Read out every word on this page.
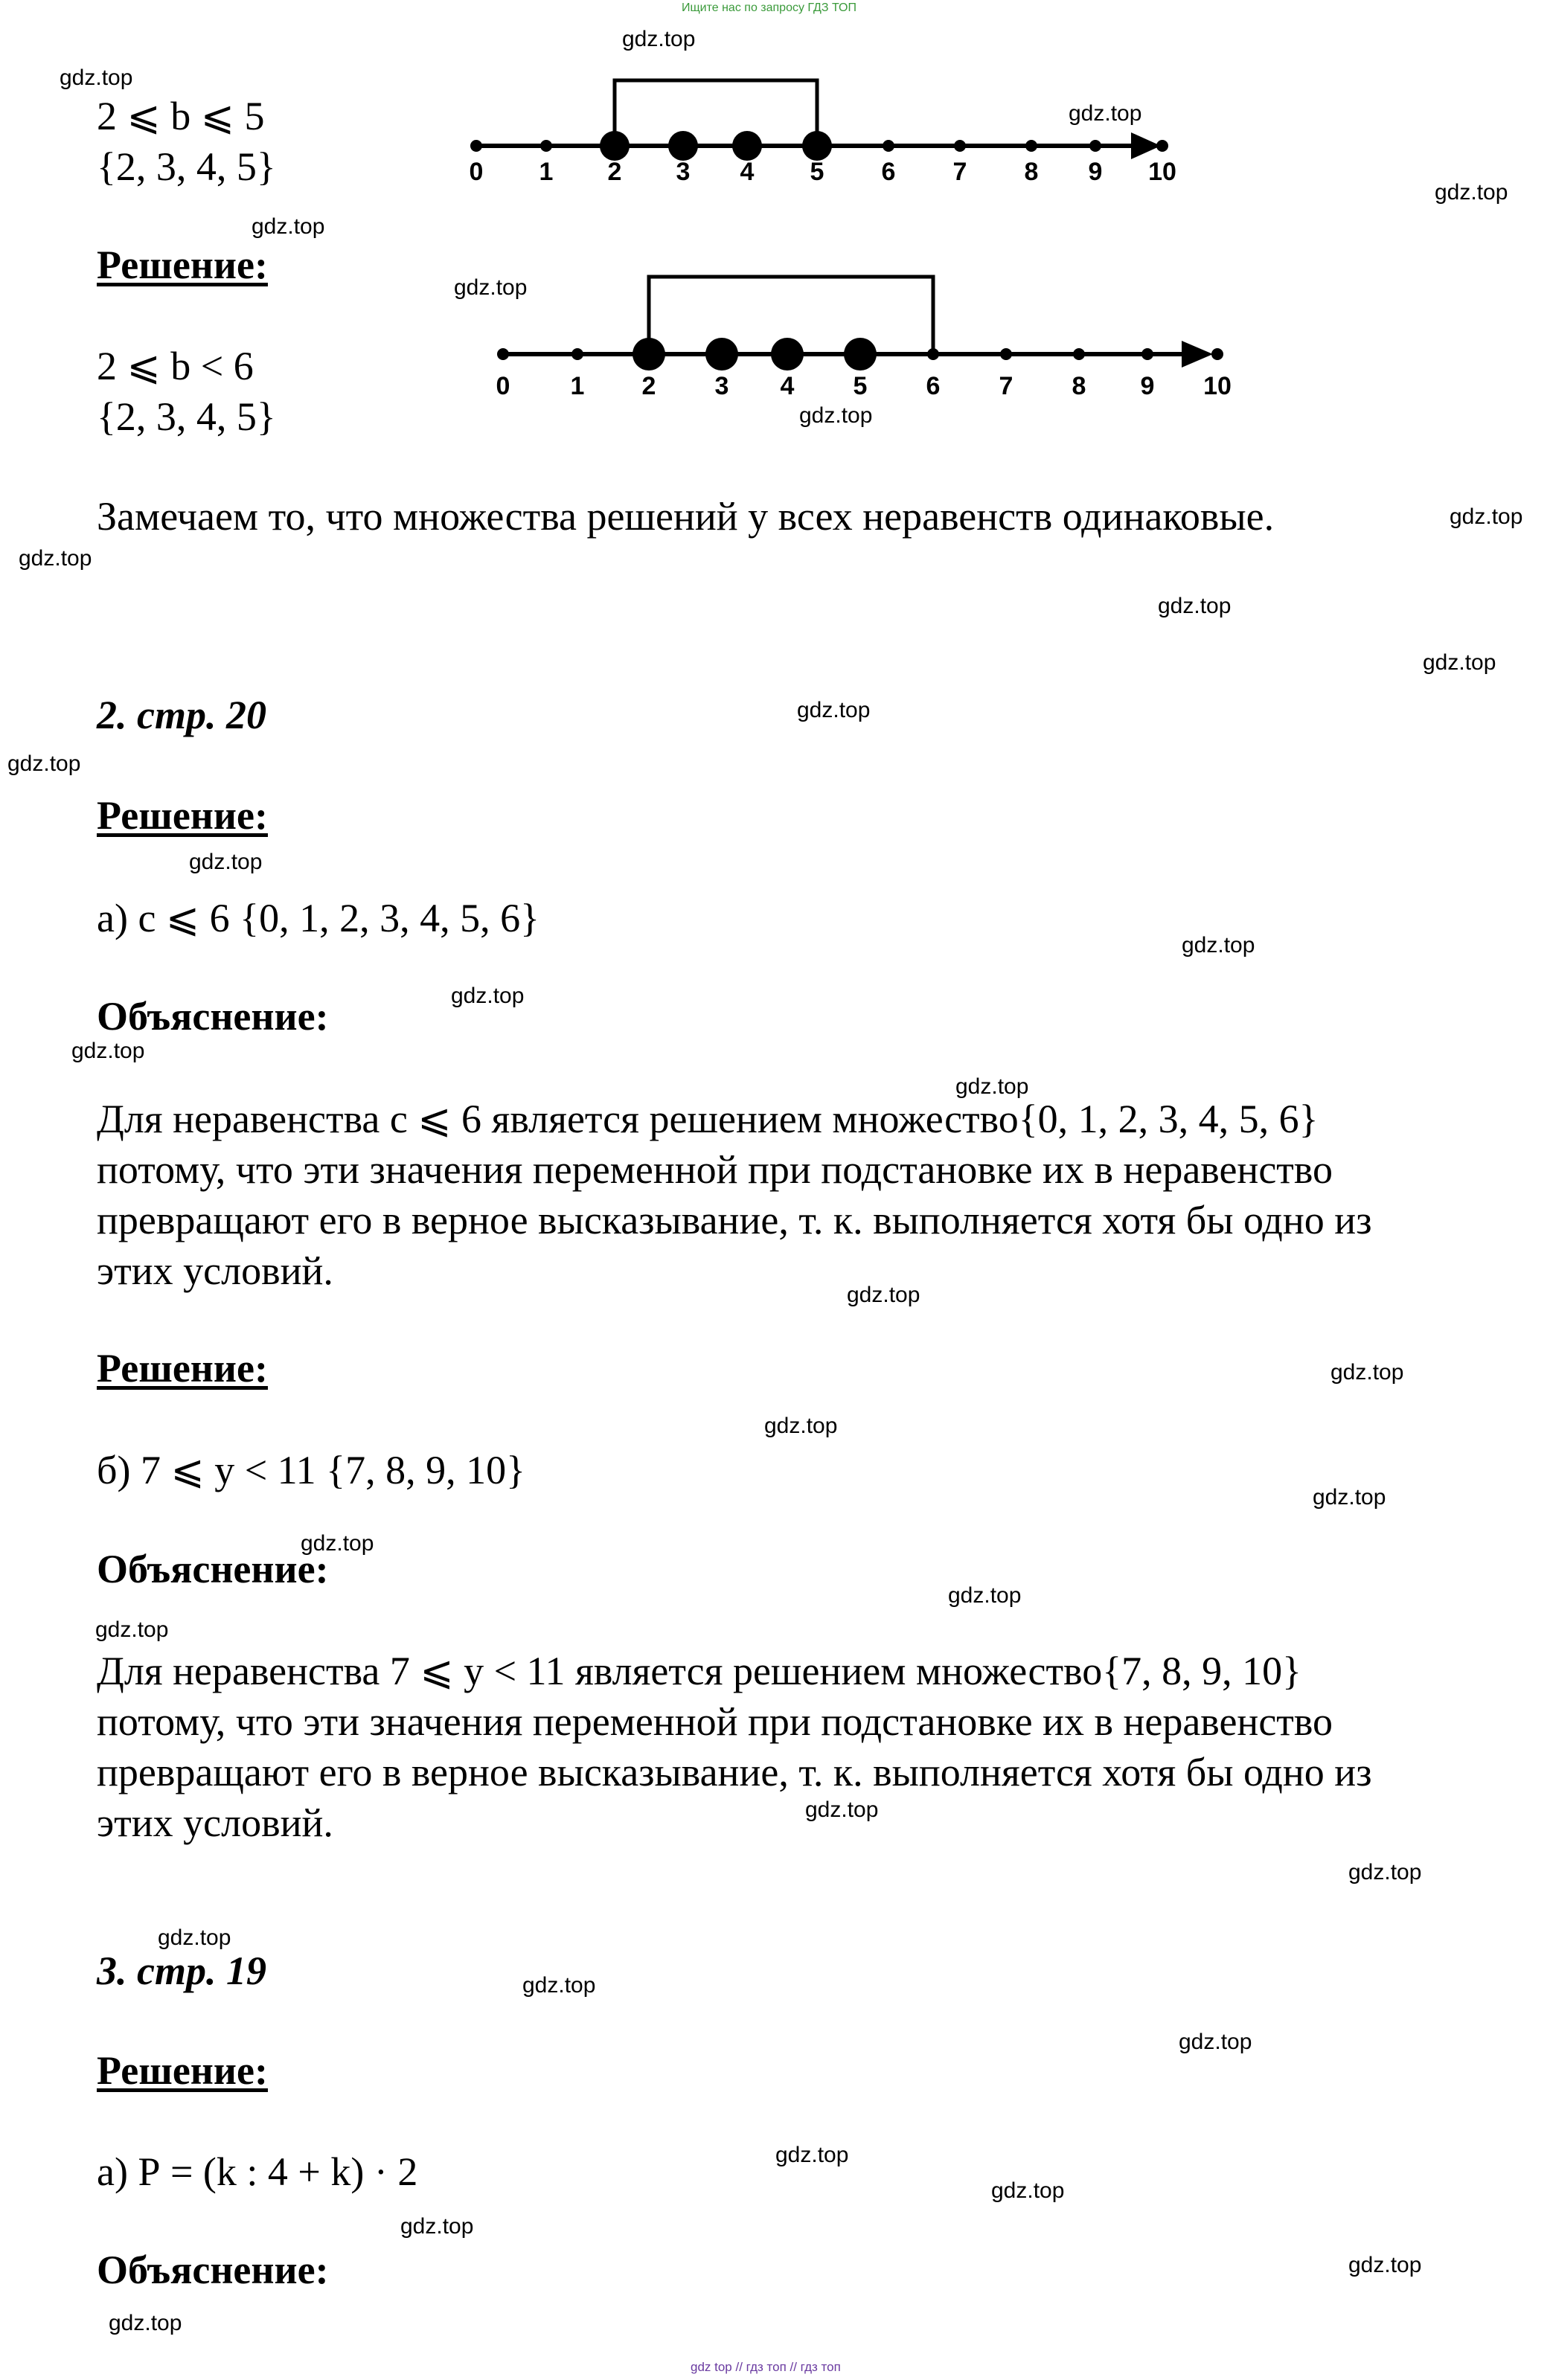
Ищите нас по запросу ГДЗ ТОП
2 ⩽ b ⩽ 5
{2, 3, 4, 5}	0 1 2 3 4 5 6 7 8 9 10
Решение:
2 ⩽ b < 6
{2, 3, 4, 5}
0 1 2 3 4 5 6 7 8 9 10
Замечаем то, что множества решений у всех неравенств одинаковые.
2. стр. 20
Решение:
а) с ⩽ 6 {0, 1, 2, 3, 4, 5, 6}
Объяснение:
Для неравенства с ⩽ 6 является решением множество{0, 1, 2, 3, 4, 5, 6}
потому, что эти значения переменной при подстановке их в неравенство
превращают его в верное высказывание, т. к. выполняется хотя бы одно из
этих условий.
Решение:
б) 7 ⩽ у < 11 {7, 8, 9, 10}
Объяснение:
Для неравенства 7 ⩽ у < 11 является решением множество{7, 8, 9, 10}
потому, что эти значения переменной при подстановке их в неравенство
превращают его в верное высказывание, т. к. выполняется хотя бы одно из
этих условий.
3. стр. 19
Решение:
а) Р = (k : 4 + k) · 2
Объяснение:
gdz.top
gdz.top
gdz.top
gdz.top
gdz.top
gdz.top
gdz.top
gdz.top
gdz.top
gdz.top
gdz.top
gdz.top
gdz.top
gdz.top
gdz.top
gdz.top
gdz.top
gdz.top
gdz.top
gdz.top
gdz.top
gdz.top
gdz.top
gdz.top
gdz.top
gdz.top
gdz.top
gdz.top
gdz.top
gdz.top
gdz.top
gdz.top
gdz.top
gdz.top
gdz.top
gdz top // гдз топ // гдз топ
